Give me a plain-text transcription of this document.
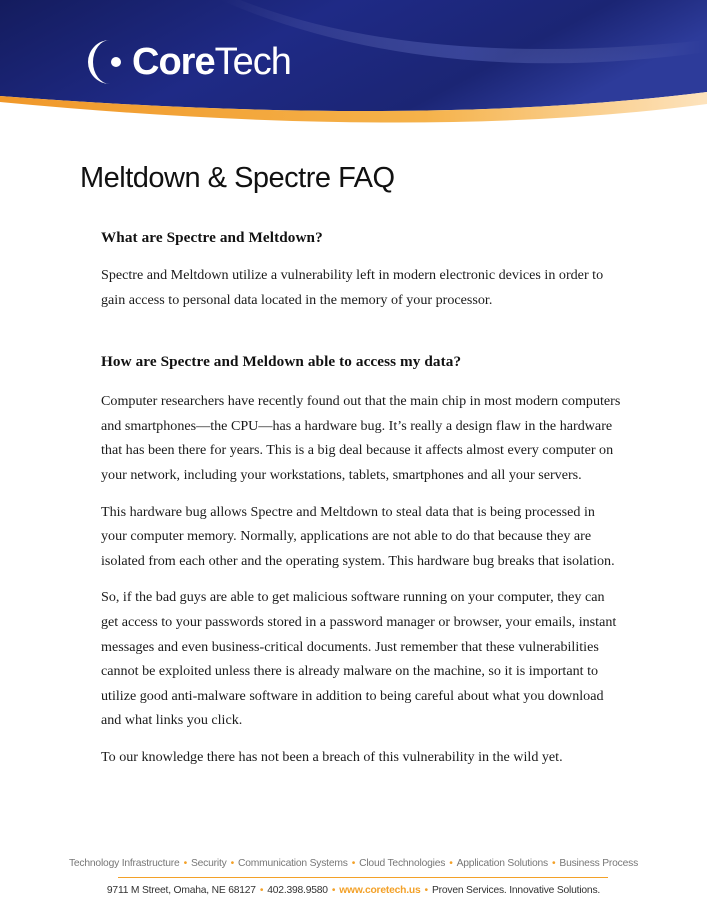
CoreTech
Meltdown & Spectre FAQ
What are Spectre and Meltdown?

Spectre and Meltdown utilize a vulnerability left in modern electronic devices in order to gain access to personal data located in the memory of your processor.

How are Spectre and Meldown able to access my data?

Computer researchers have recently found out that the main chip in most modern computers and smartphones—the CPU—has a hardware bug. It’s really a design flaw in the hardware that has been there for years. This is a big deal because it affects almost every computer on your network, including your workstations, tablets, smartphones and all your servers.

This hardware bug allows Spectre and Meltdown to steal data that is being processed in your computer memory. Normally, applications are not able to do that because they are isolated from each other and the operating system. This hardware bug breaks that isolation.

So, if the bad guys are able to get malicious software running on your computer, they can get access to your passwords stored in a password manager or browser, your emails, instant messages and even business-critical documents. Just remember that these vulnerabilities cannot be exploited unless there is already malware on the machine, so it is important to utilize good anti-malware software in addition to being careful about what you download and what links you click.

To our knowledge there has not been a breach of this vulnerability in the wild yet.

Technology Infrastructure • Security • Communication Systems • Cloud Technologies • Application Solutions • Business Process
9711 M Street, Omaha, NE 68127 • 402.398.9580 • www.coretech.us • Proven Services. Innovative Solutions.
